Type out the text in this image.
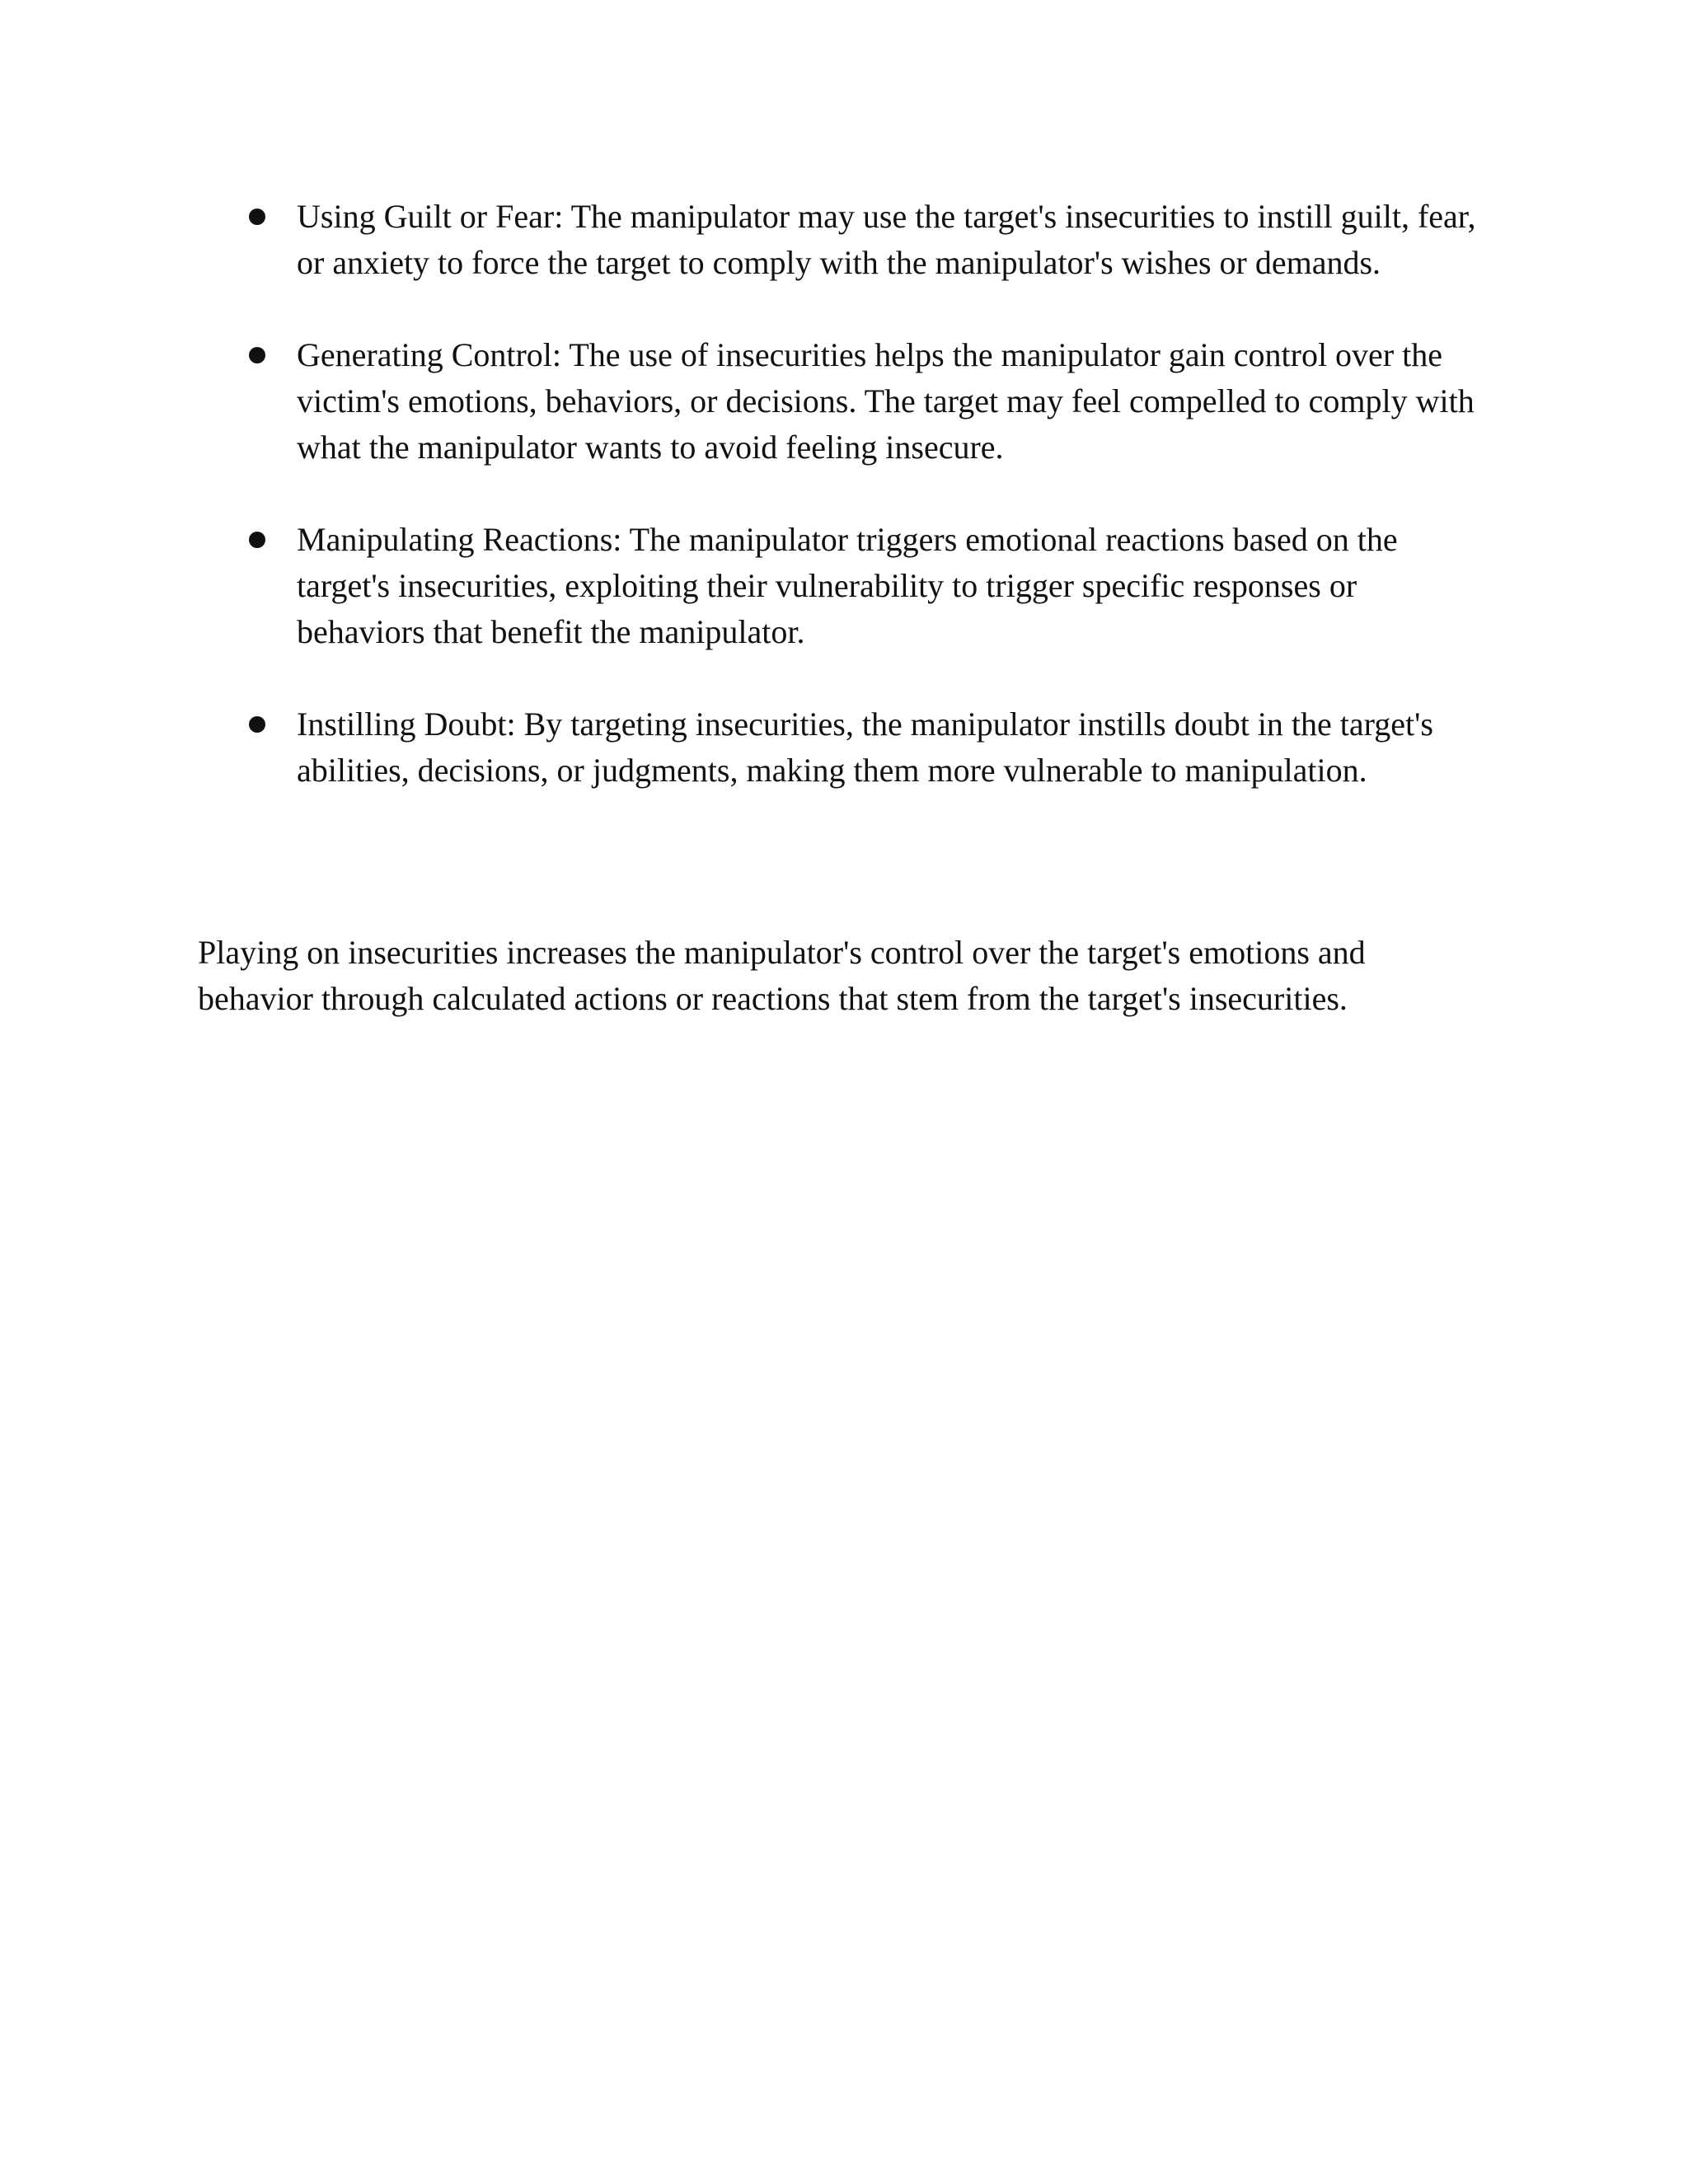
Using Guilt or Fear: The manipulator may use the target's insecurities to instill guilt, fear, or anxiety to force the target to comply with the manipulator's wishes or demands.
Generating Control: The use of insecurities helps the manipulator gain control over the victim's emotions, behaviors, or decisions. The target may feel compelled to comply with what the manipulator wants to avoid feeling insecure.
Manipulating Reactions: The manipulator triggers emotional reactions based on the target's insecurities, exploiting their vulnerability to trigger specific responses or behaviors that benefit the manipulator.
Instilling Doubt: By targeting insecurities, the manipulator instills doubt in the target's abilities, decisions, or judgments, making them more vulnerable to manipulation.

Playing on insecurities increases the manipulator's control over the target's emotions and behavior through calculated actions or reactions that stem from the target's insecurities.
